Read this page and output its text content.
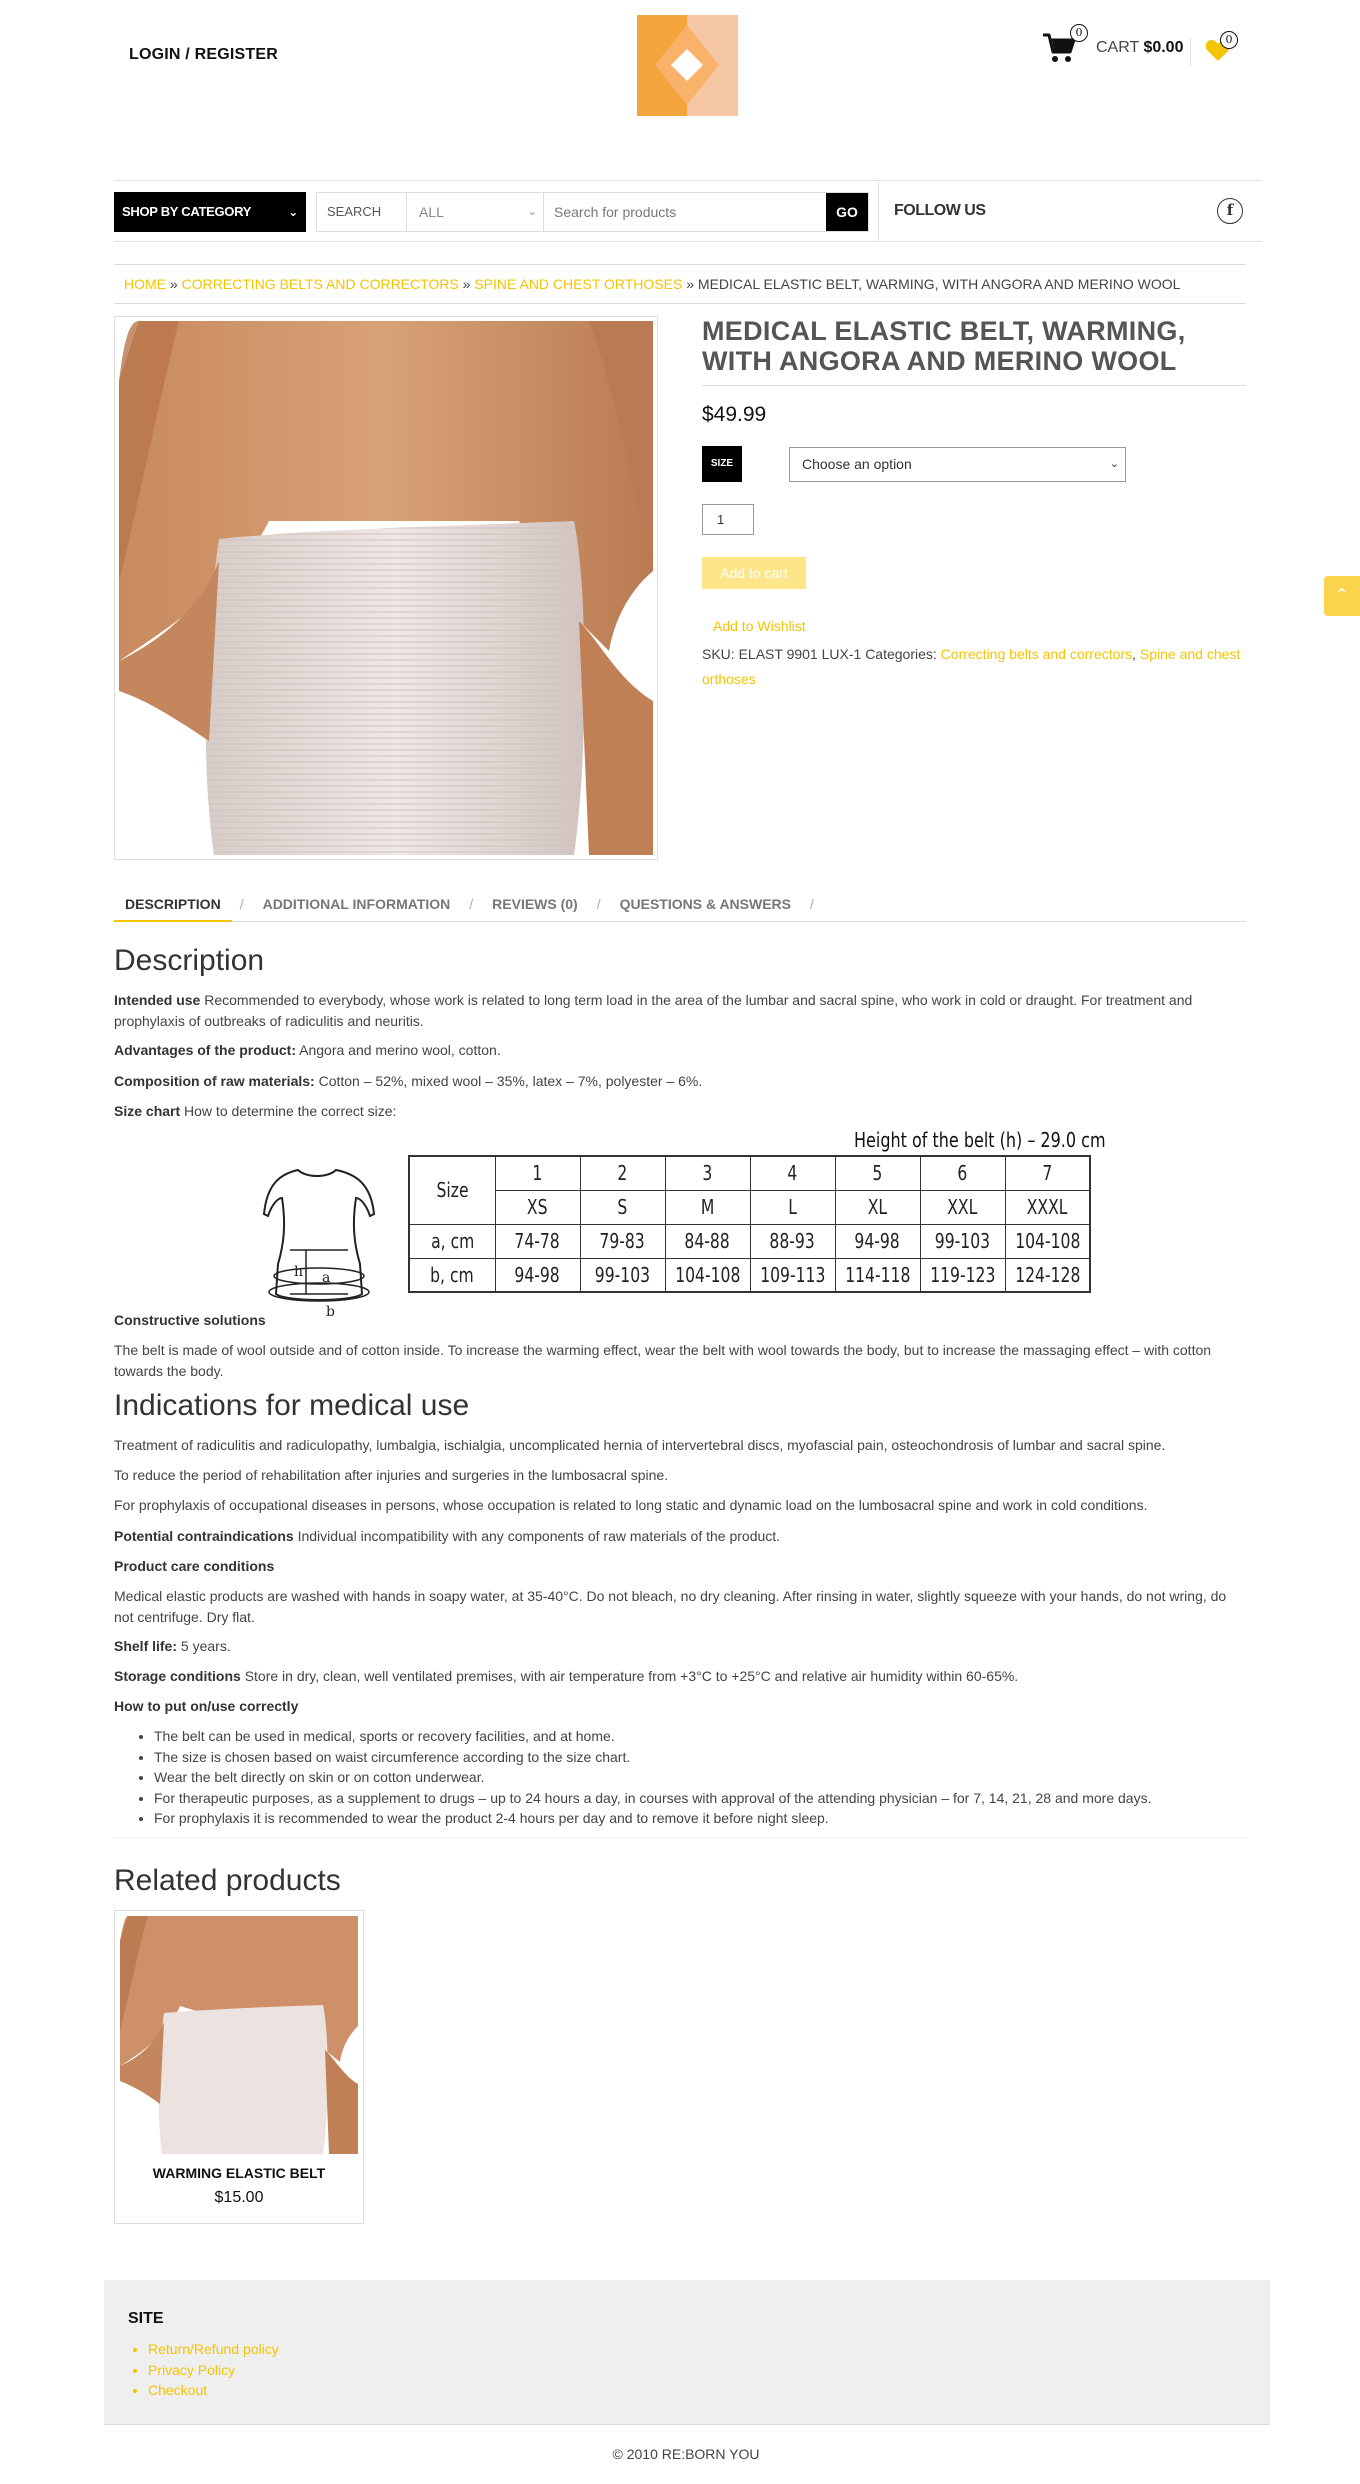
LOGIN / REGISTER
0
CART $0.00	0
SHOP BY CATEGORY	⌄	SEARCH	ALL	⌄
Search for products	GO	FOLLOW US	f
HOME » CORRECTING BELTS AND CORRECTORS » SPINE AND CHEST ORTHOSES » MEDICAL ELASTIC BELT, WARMING, WITH ANGORA AND MERINO WOOL
MEDICAL ELASTIC BELT, WARMING, WITH ANGORA AND MERINO WOOL
$49.99
SIZE	Choose an option	⌄
1
Add to cart
Add to Wishlist
SKU: ELAST 9901 LUX-1 Categories: Correcting belts and correctors, Spine and chest orthoses
⌃
DESCRIPTION	/	ADDITIONAL INFORMATION	/	REVIEWS (0)	/	QUESTIONS & ANSWERS	/
Description
Intended use Recommended to everybody, whose work is related to long term load in the area of the lumbar and sacral spine, who work in cold or draught. For treatment and prophylaxis of outbreaks of radiculitis and neuritis.
Advantages of the product: Angora and merino wool, cotton.
Composition of raw materials: Cotton – 52%, mixed wool – 35%, latex – 7%, polyester – 6%.
Size chart How to determine the correct size:
h a
b
Height of the belt (h) – 29.0 cm
Size	1	2	3	4	5	6	7
	XS	S	M	L	XL	XXL	XXXL
a, cm	74-78	79-83	84-88	88-93	94-98	99-103	104-108
b, cm	94-98	99-103	104-108	109-113	114-118	119-123	124-128
Constructive solutions
The belt is made of wool outside and of cotton inside. To increase the warming effect, wear the belt with wool towards the body, but to increase the massaging effect – with cotton towards the body.
Indications for medical use
Treatment of radiculitis and radiculopathy, lumbalgia, ischialgia, uncomplicated hernia of intervertebral discs, myofascial pain, osteochondrosis of lumbar and sacral spine.
To reduce the period of rehabilitation after injuries and surgeries in the lumbosacral spine.
For prophylaxis of occupational diseases in persons, whose occupation is related to long static and dynamic load on the lumbosacral spine and work in cold conditions.
Potential contraindications Individual incompatibility with any components of raw materials of the product.
Product care conditions
Medical elastic products are washed with hands in soapy water, at 35-40°C. Do not bleach, no dry cleaning. After rinsing in water, slightly squeeze with your hands, do not wring, do not centrifuge. Dry flat.
Shelf life: 5 years.
Storage conditions Store in dry, clean, well ventilated premises, with air temperature from +3°C to +25°C and relative air humidity within 60-65%.
How to put on/use correctly
• The belt can be used in medical, sports or recovery facilities, and at home.
• The size is chosen based on waist circumference according to the size chart.
• Wear the belt directly on skin or on cotton underwear.
• For therapeutic purposes, as a supplement to drugs – up to 24 hours a day, in courses with approval of the attending physician – for 7, 14, 21, 28 and more days.
• For prophylaxis it is recommended to wear the product 2-4 hours per day and to remove it before night sleep.
Related products
WARMING ELASTIC BELT
$15.00
SITE
• Return/Refund policy
• Privacy Policy
• Checkout
© 2010 RE:BORN YOU
